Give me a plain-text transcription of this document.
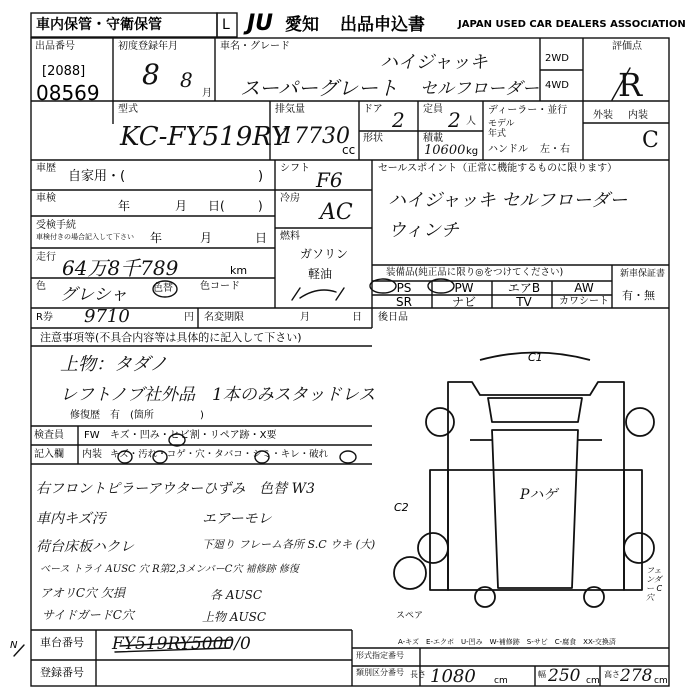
車内保管・守衛保管	L JU 愛知 出品申込書	JAPAN USED CAR DEALERS ASSOCIATION
出品番号
[2088]
08569
初度登録年月
8 8
月
車名・グレード
ハイジャッキ
スーパーグレート セルフローダー
2WD
4WD
評価点
R
外装 内装
C
型式
KC-FY519RY
排気量
17730
cc
ドア 2
形状
定員 2 人
積載
10600 kg
ディーラー・並行
モデル
年式
ハンドル 左・右
車歴
自家用・(	)
車検
年	月 日(	)
受検手続
車検付きの場合記入して下さい 年	月	日
走行 64万8千789	km
色 グレシャ	色替	色コード
シフト F6
冷房
AC
燃料
ガソリン
軽油
セールスポイント（正常に機能するものに限ります）
ハイジャッキ セルフローダー
ウィンチ
装備品(純正品に限り◎をつけてください)
PS	PW	エアB	AW
SR	ナビ	TV	カワシート
新車保証書
有・無
R券 9710	円 名変期限	月	日 後日品
注意事項等(不具合内容等は具体的に記入して下さい)
上物：タダノ
レフトノブ社外品　1本のみスタッドレス
修復歴 有　(箇所	)
検査員
記入欄
FW キズ・凹み・ヒビ割・リペア跡・X要
内装 キズ・汚れ・コゲ・穴・タバコ・シミ・キレ・破れ
右フロントピラーアウターひずみ　色替 W3
車内キズ汚	エアーモレ
荷台床板ハクレ	下廻り フレーム各所 S.C ウキ (大)
ベース トライ AUSC 穴 R第2,3メンバーC穴 補修跡 修復
アオリC穴 欠損	各 AUSC
サイドガードC穴	上物 AUSC
C1
Pハゲ
C2
フェンダー C穴
スペア
A-キズ　E-エクボ　U-凹み　W-補修跡　S-サビ　C-腐食　XX-交換済
車台番号 FY519RY5000/0
登録番号
N
形式指定番号
類別区分番号 長さ 1080 cm
幅 250 cm
高さ 278 cm
